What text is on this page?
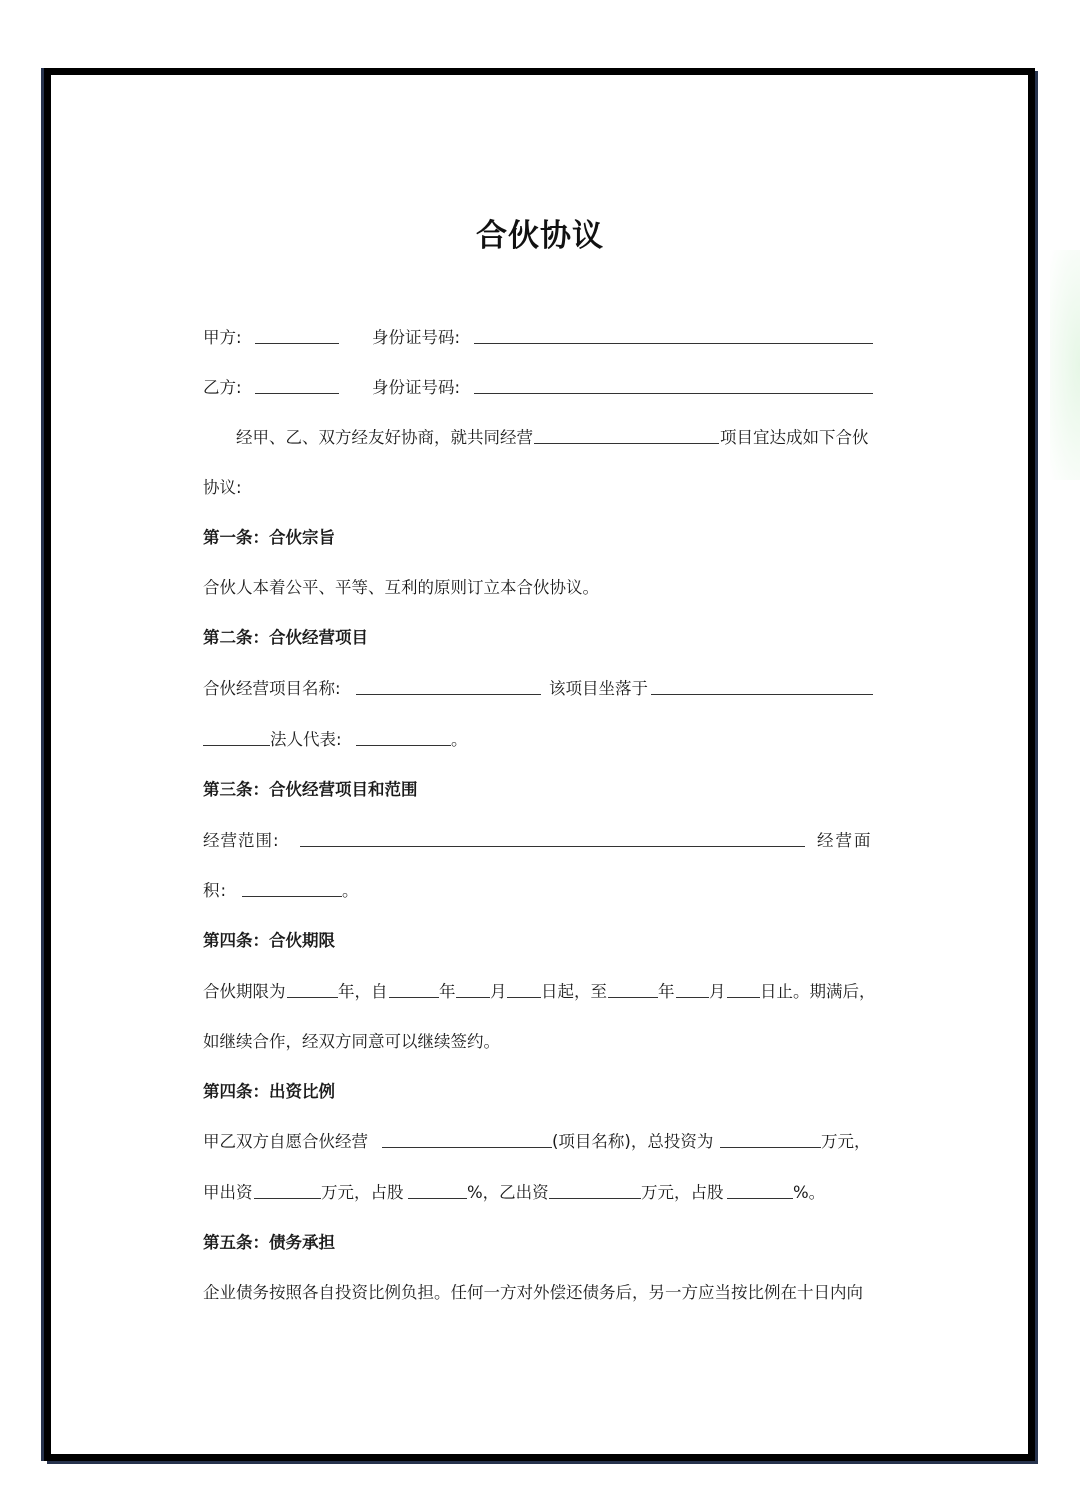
合伙协议
甲方:	身份证号码:
乙方:	身份证号码:
经甲、乙、双方经友好协商，就共同经营	项目宜达成如下合伙
协议:
第一条：合伙宗旨
合伙人本着公平、平等、互利的原则订立本合伙协议。
第二条：合伙经营项目
合伙经营项目名称:	该项目坐落于
法人代表:	。
第三条：合伙经营项目和范围
经营范围:	经营面
积:	。
第四条：合伙期限
合伙期限为	年，自	年 月 日起，至	年 月 日止。期满后，
如继续合作，经双方同意可以继续签约。
第四条：出资比例
甲乙双方自愿合伙经营	(项目名称)，总投资为	万元，
甲出资	万元，占股	%，乙出资	万元，占股	%。
第五条：债务承担
企业债务按照各自投资比例负担。任何一方对外偿还债务后，另一方应当按比例在十日内向
